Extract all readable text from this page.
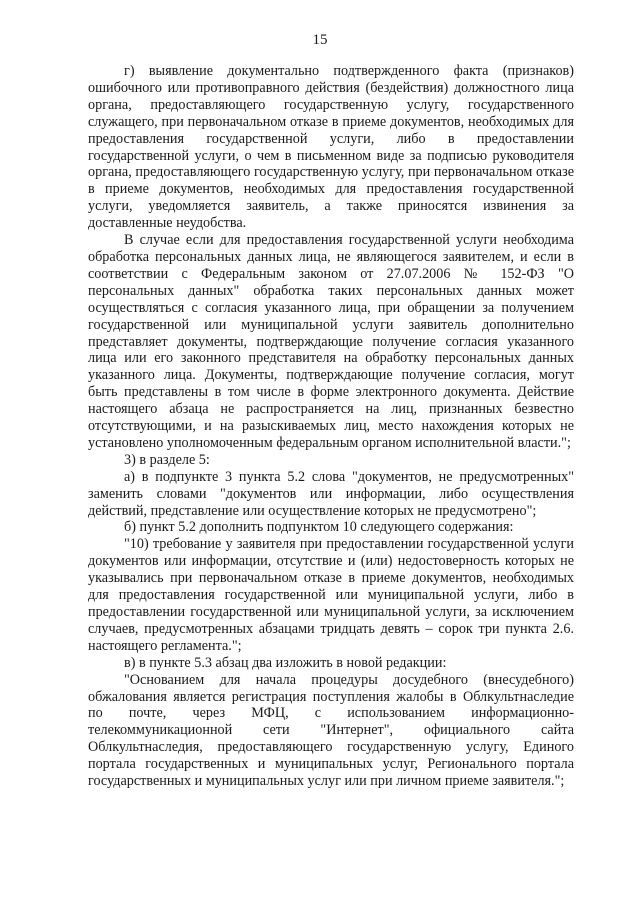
15

г) выявление документально подтвержденного факта (признаков) ошибочного или противоправного действия (бездействия) должностного лица органа, предоставляющего государственную услугу, государственного служащего, при первоначальном отказе в приеме документов, необходимых для предоставления государственной услуги, либо в предоставлении государственной услуги, о чем в письменном виде за подписью руководителя органа, предоставляющего государственную услугу, при первоначальном отказе в приеме документов, необходимых для предоставления государственной услуги, уведомляется заявитель, а также приносятся извинения за доставленные неудобства.

В случае если для предоставления государственной услуги необходима обработка персональных данных лица, не являющегося заявителем, и если в соответствии с Федеральным законом от 27.07.2006 № 152-ФЗ "О персональных данных" обработка таких персональных данных может осуществляться с согласия указанного лица, при обращении за получением государственной или муниципальной услуги заявитель дополнительно представляет документы, подтверждающие получение согласия указанного лица или его законного представителя на обработку персональных данных указанного лица. Документы, подтверждающие получение согласия, могут быть представлены в том числе в форме электронного документа. Действие настоящего абзаца не распространяется на лиц, признанных безвестно отсутствующими, и на разыскиваемых лиц, место нахождения которых не установлено уполномоченным федеральным органом исполнительной власти.";

3) в разделе 5:

а) в подпункте 3 пункта 5.2 слова "документов, не предусмотренных" заменить словами "документов или информации, либо осуществления действий, представление или осуществление которых не предусмотрено";

б) пункт 5.2 дополнить подпунктом 10 следующего содержания:

"10) требование у заявителя при предоставлении государственной услуги документов или информации, отсутствие и (или) недостоверность которых не указывались при первоначальном отказе в приеме документов, необходимых для предоставления государственной или муниципальной услуги, либо в предоставлении государственной или муниципальной услуги, за исключением случаев, предусмотренных абзацами тридцать девять – сорок три пункта 2.6. настоящего регламента.";

в) в пункте 5.3 абзац два изложить в новой редакции:

"Основанием для начала процедуры досудебного (внесудебного) обжалования является регистрация поступления жалобы в Облкультнаследие по почте, через МФЦ, с использованием информационно-телекоммуникационной сети "Интернет", официального сайта Облкультнаследия, предоставляющего государственную услугу, Единого портала государственных и муниципальных услуг, Регионального портала государственных и муниципальных услуг или при личном приеме заявителя.";
